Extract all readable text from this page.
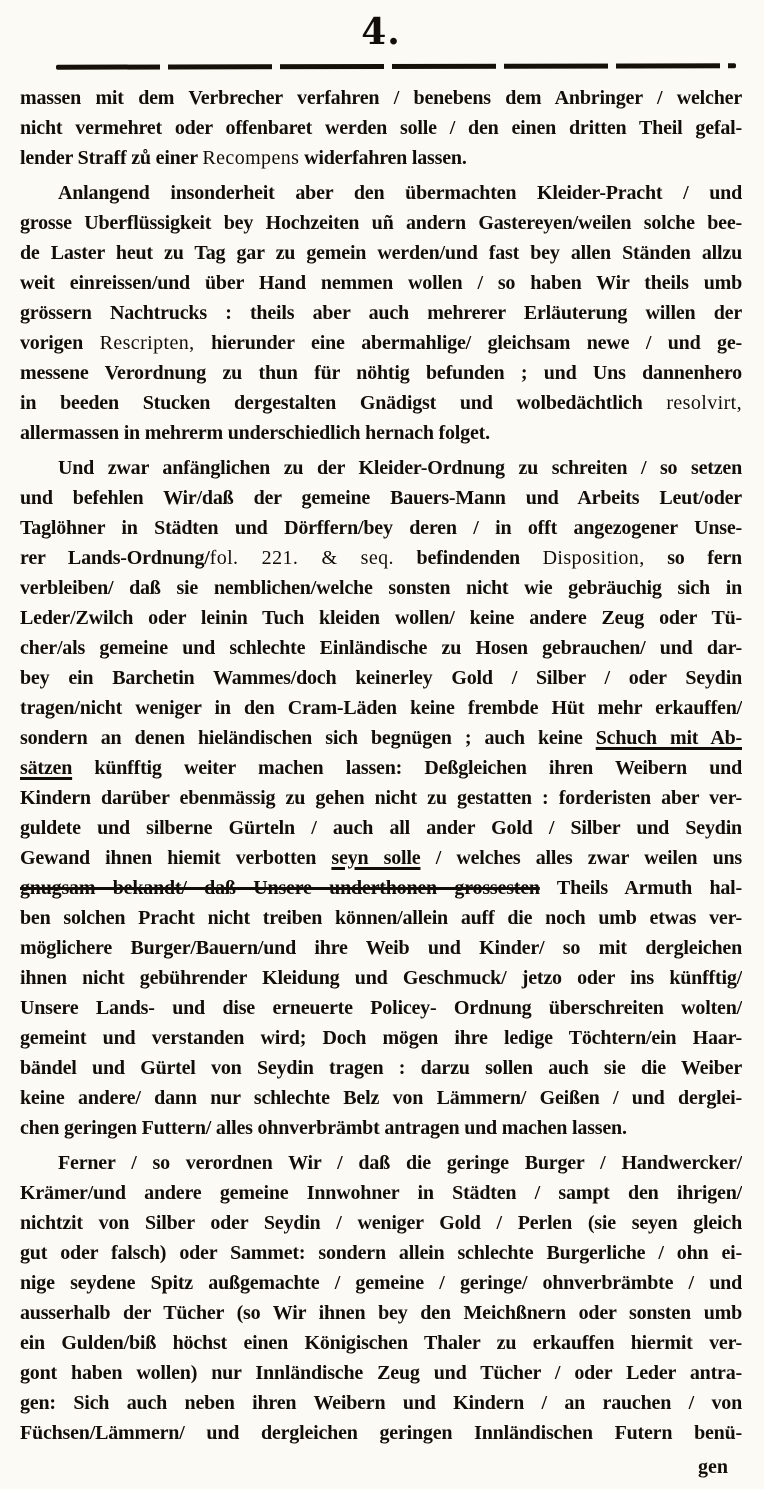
4.

massen mit dem Verbrecher verfahren / benebens dem Anbringer / welcher
nicht vermehret oder offenbaret werden solle / den einen dritten Theil gefal-
lender Straff zů einer Recompens widerfahren lassen.

Anlangend insonderheit aber den übermachten Kleider-Pracht / und
grosse Uberflüssigkeit bey Hochzeiten uñ andern Gastereyen/weilen solche bee-
de Laster heut zu Tag gar zu gemein werden/und fast bey allen Ständen allzu
weit einreissen/und über Hand nemmen wollen / so haben Wir theils umb
grössern Nachtrucks : theils aber auch mehrerer Erläuterung willen der
vorigen Rescripten, hierunder eine abermahlige/ gleichsam newe / und ge-
messene Verordnung zu thun für nöhtig befunden ; und Uns dannenhero
in beeden Stucken dergestalten Gnädigst und wolbedächtlich resolvirt,
allermassen in mehrerm underschiedlich hernach folget.

Und zwar anfänglichen zu der Kleider-Ordnung zu schreiten / so setzen
und befehlen Wir/daß der gemeine Bauers-Mann und Arbeits Leut/oder
Taglöhner in Städten und Dörffern/bey deren / in offt angezogener Unse-
rer Lands-Ordnung/fol. 221. & seq. befindenden Disposition, so fern
verbleiben/ daß sie nemblichen/welche sonsten nicht wie gebräuchig sich in
Leder/Zwilch oder leinin Tuch kleiden wollen/ keine andere Zeug oder Tü-
cher/als gemeine und schlechte Einländische zu Hosen gebrauchen/ und dar-
bey ein Barchetin Wammes/doch keinerley Gold / Silber / oder Seydin
tragen/nicht weniger in den Cram-Läden keine frembde Hüt mehr erkauffen/
sondern an denen hieländischen sich begnügen ; auch keine Schuch mit Ab-
sätzen künfftig weiter machen lassen: Deßgleichen ihren Weibern und
Kindern darüber ebenmässig zu gehen nicht zu gestatten : forderisten aber ver-
guldete und silberne Gürteln / auch all ander Gold / Silber und Seydin
Gewand ihnen hiemit verbotten seyn solle / welches alles zwar weilen uns
gnugsam bekandt/ daß Unsere underthonen grossesten Theils Armuth hal-
ben solchen Pracht nicht treiben können/allein auff die noch umb etwas ver-
möglichere Burger/Bauern/und ihre Weib und Kinder/ so mit dergleichen
ihnen nicht gebührender Kleidung und Geschmuck/ jetzo oder ins künfftig/
Unsere Lands- und dise erneuerte Policey- Ordnung überschreiten wolten/
gemeint und verstanden wird; Doch mögen ihre ledige Töchtern/ein Haar-
bändel und Gürtel von Seydin tragen : darzu sollen auch sie die Weiber
keine andere/ dann nur schlechte Belz von Lämmern/ Geißen / und derglei-
chen geringen Futtern/ alles ohnverbrämbt antragen und machen lassen.

Ferner / so verordnen Wir / daß die geringe Burger / Handwercker/
Krämer/und andere gemeine Innwohner in Städten / sampt den ihrigen/
nichtzit von Silber oder Seydin / weniger Gold / Perlen (sie seyen gleich
gut oder falsch) oder Sammet: sondern allein schlechte Burgerliche / ohn ei-
nige seydene Spitz außgemachte / gemeine / geringe/ ohnverbrämbte / und
ausserhalb der Tücher (so Wir ihnen bey den Meichßnern oder sonsten umb
ein Gulden/biß höchst einen Königischen Thaler zu erkauffen hiermit ver-
gont haben wollen) nur Innländische Zeug und Tücher / oder Leder antra-
gen: Sich auch neben ihren Weibern und Kindern / an rauchen / von
Füchsen/Lämmern/ und dergleichen geringen Innländischen Futern benü-

gen
